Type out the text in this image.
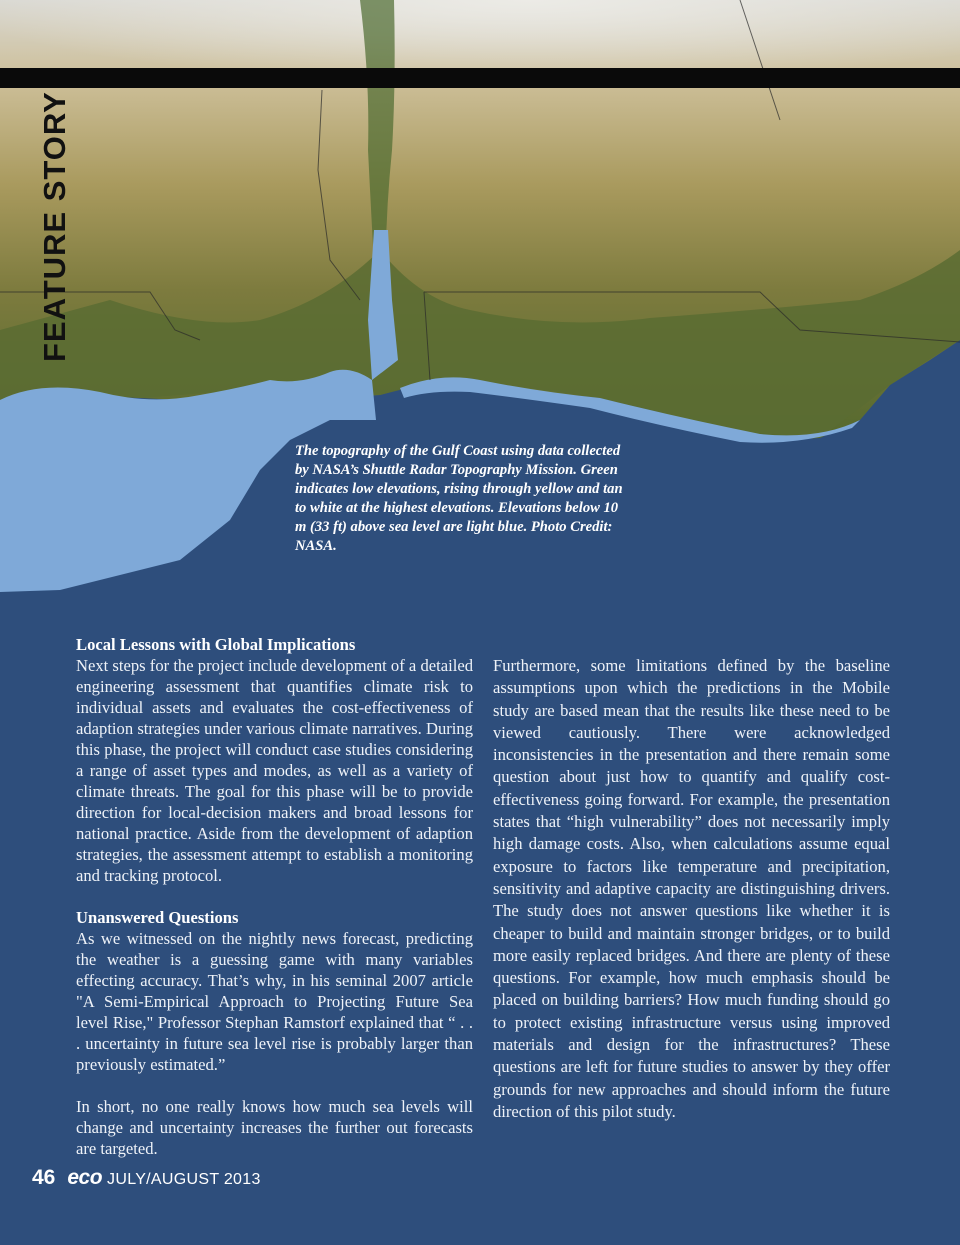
FEATURE STORY

The topography of the Gulf Coast using data collected by NASA’s Shuttle Radar Topography Mission. Green indicates low elevations, rising through yellow and tan to white at the highest elevations. Elevations below 10 m (33 ft) above sea level are light blue. Photo Credit: NASA.

Local Lessons with Global Implications

Next steps for the project include development of a detailed engineering assessment that quantifies climate risk to individual assets and evaluates the cost-effectiveness of adaption strategies under various climate narratives. During this phase, the project will conduct case studies considering a range of asset types and modes, as well as a variety of climate threats. The goal for this phase will be to provide direction for local-decision makers and broad lessons for national practice. Aside from the development of adaption strategies, the assessment attempt to establish a monitoring and tracking protocol.

Unanswered Questions

As we witnessed on the nightly news forecast, predicting the weather is a guessing game with many variables effecting accuracy. That’s why, in his seminal 2007 article "A Semi-Empirical Approach to Projecting Future Sea level Rise," Professor Stephan Ramstorf explained that “ . . . uncertainty in future sea level rise is probably larger than previously estimated.”

In short, no one really knows how much sea levels will change and uncertainty increases the further out forecasts are targeted.

Furthermore, some limitations defined by the baseline assumptions upon which the predictions in the Mobile study are based mean that the results like these need to be viewed cautiously. There were acknowledged inconsistencies in the presentation and there remain some question about just how to quantify and qualify cost-effectiveness going forward. For example, the presentation states that “high vulnerability” does not necessarily imply high damage costs. Also, when calculations assume equal exposure to factors like temperature and precipitation, sensitivity and adaptive capacity are distinguishing drivers. The study does not answer questions like whether it is cheaper to build and maintain stronger bridges, or to build more easily replaced bridges. And there are plenty of these questions. For example, how much emphasis should be placed on building barriers? How much funding should go to protect existing infrastructure versus using improved materials and design for the infrastructures? These questions are left for future studies to answer by they offer grounds for new approaches and should inform the future direction of this pilot study.

46 eco JULY/AUGUST 2013
